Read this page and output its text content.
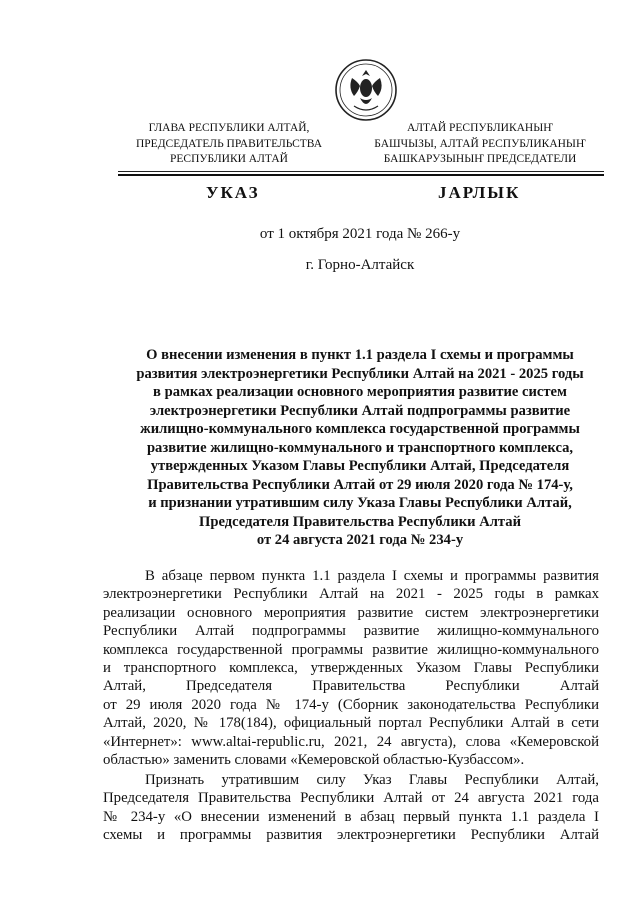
ГЛАВА РЕСПУБЛИКИ АЛТАЙ,
ПРЕДСЕДАТЕЛЬ ПРАВИТЕЛЬСТВА
РЕСПУБЛИКИ АЛТАЙ
АЛТАЙ РЕСПУБЛИКАНЫҤ
БАШЧЫЗЫ, АЛТАЙ РЕСПУБЛИКАНЫҤ
БАШКАРУЗЫНЫҤ ПРЕДСЕДАТЕЛИ
УКАЗ	JАРЛЫК
от 1 октября 2021 года № 266-у
г. Горно-Алтайск
О внесении изменения в пункт 1.1 раздела I схемы и программы
развития электроэнергетики Республики Алтай на 2021 - 2025 годы
в рамках реализации основного мероприятия развитие систем
электроэнергетики Республики Алтай подпрограммы развитие
жилищно-коммунального комплекса государственной программы
развитие жилищно-коммунального и транспортного комплекса,
утвержденных Указом Главы Республики Алтай, Председателя
Правительства Республики Алтай от 29 июля 2020 года № 174-у,
и признании утратившим силу Указа Главы Республики Алтай,
Председателя Правительства Республики Алтай
от 24 августа 2021 года № 234-у
В абзаце первом пункта 1.1 раздела I схемы и программы развития
электроэнергетики Республики Алтай на 2021 - 2025 годы в рамках
реализации основного мероприятия развитие систем электроэнергетики
Республики Алтай подпрограммы развитие жилищно-коммунального
комплекса государственной программы развитие жилищно-коммунального
и транспортного комплекса, утвержденных Указом Главы Республики
Алтай, Председателя Правительства Республики Алтай
от 29 июля 2020 года № 174-у (Сборник законодательства Республики
Алтай, 2020, № 178(184), официальный портал Республики Алтай в сети
«Интернет»: www.altai-republic.ru, 2021, 24 августа), слова «Кемеровской
областью» заменить словами «Кемеровской областью-Кузбассом».
Признать утратившим силу Указ Главы Республики Алтай,
Председателя Правительства Республики Алтай от 24 августа 2021 года
№ 234-у «О внесении изменений в абзац первый пункта 1.1 раздела I
схемы и программы развития электроэнергетики Республики Алтай
